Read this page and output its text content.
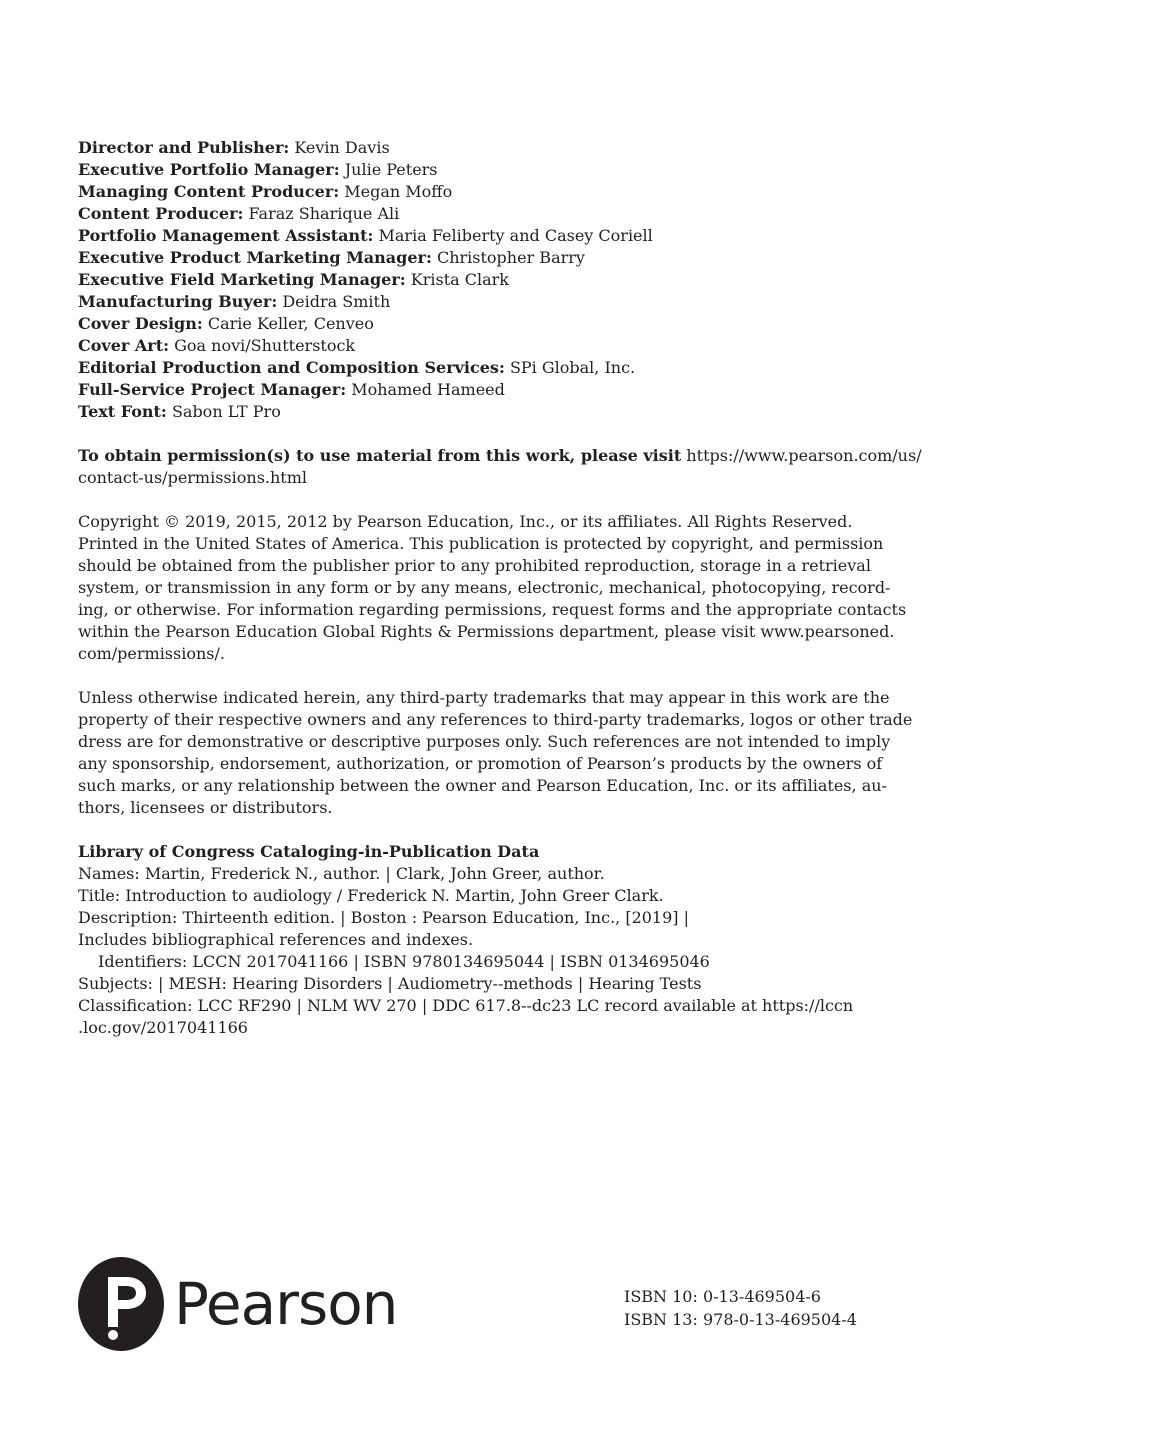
Director and Publisher: Kevin Davis
Executive Portfolio Manager: Julie Peters
Managing Content Producer: Megan Moffo
Content Producer: Faraz Sharique Ali
Portfolio Management Assistant: Maria Feliberty and Casey Coriell
Executive Product Marketing Manager: Christopher Barry
Executive Field Marketing Manager: Krista Clark
Manufacturing Buyer: Deidra Smith
Cover Design: Carie Keller, Cenveo
Cover Art: Goa novi/Shutterstock
Editorial Production and Composition Services: SPi Global, Inc.
Full-Service Project Manager: Mohamed Hameed
Text Font: Sabon LT Pro
To obtain permission(s) to use material from this work, please visit https://www.pearson.com/us/
contact-us/permissions.html
Copyright © 2019, 2015, 2012 by Pearson Education, Inc., or its affiliates. All Rights Reserved.
Printed in the United States of America. This publication is protected by copyright, and permission
should be obtained from the publisher prior to any prohibited reproduction, storage in a retrieval
system, or transmission in any form or by any means, electronic, mechanical, photocopying, record-
ing, or otherwise. For information regarding permissions, request forms and the appropriate contacts
within the Pearson Education Global Rights & Permissions department, please visit www.pearsoned.
com/permissions/.
Unless otherwise indicated herein, any third-party trademarks that may appear in this work are the
property of their respective owners and any references to third-party trademarks, logos or other trade
dress are for demonstrative or descriptive purposes only. Such references are not intended to imply
any sponsorship, endorsement, authorization, or promotion of Pearson’s products by the owners of
such marks, or any relationship between the owner and Pearson Education, Inc. or its affiliates, au-
thors, licensees or distributors.
Library of Congress Cataloging-in-Publication Data
Names: Martin, Frederick N., author. | Clark, John Greer, author.
Title: Introduction to audiology / Frederick N. Martin, John Greer Clark.
Description: Thirteenth edition. | Boston : Pearson Education, Inc., [2019] |
Includes bibliographical references and indexes.
Identifiers: LCCN 2017041166 | ISBN 9780134695044 | ISBN 0134695046
Subjects: | MESH: Hearing Disorders | Audiometry--methods | Hearing Tests
Classification: LCC RF290 | NLM WV 270 | DDC 617.8--dc23 LC record available at https://lccn
.loc.gov/2017041166
Pearson	ISBN 10: 0-13-469504-6
ISBN 13: 978-0-13-469504-4
